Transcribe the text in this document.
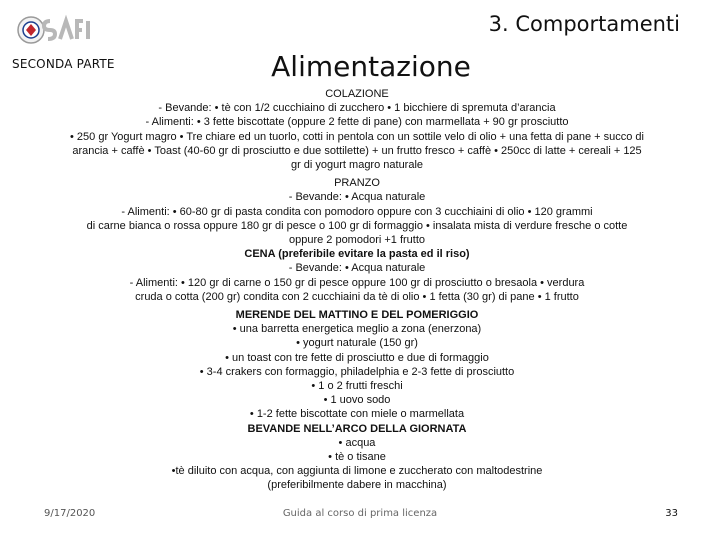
3. Comportamenti
SECONDA PARTE	Alimentazione

COLAZIONE

- Bevande: • tè con 1/2 cucchiaino di zucchero • 1 bicchiere di spremuta d’arancia

- Alimenti: • 3 fette biscottate (oppure 2 fette di pane) con marmellata + 90 gr prosciutto

• 250 gr Yogurt magro • Tre chiare ed un tuorlo, cotti in pentola con un sottile velo di olio + una fetta di pane + succo di arancia + caffè • Toast (40-60 gr di prosciutto e due sottilette) + un frutto fresco + caffè • 250cc di latte + cereali + 125 gr di yogurt magro naturale

PRANZO

- Bevande: • Acqua naturale

- Alimenti: • 60-80 gr di pasta condita con pomodoro oppure con 3 cucchiaini di olio • 120 grammi

di carne bianca o rossa oppure 180 gr di pesce o 100 gr di formaggio • insalata mista di verdure fresche o cotte oppure 2 pomodori +1 frutto

CENA (preferibile evitare la pasta ed il riso)

- Bevande: • Acqua naturale

- Alimenti: • 120 gr di carne o 150 gr di pesce oppure 100 gr di prosciutto o bresaola • verdura

cruda o cotta (200 gr) condita con 2 cucchiaini da tè di olio • 1 fetta (30 gr) di pane • 1 frutto

MERENDE DEL MATTINO E DEL POMERIGGIO

• una barretta energetica meglio a zona (enerzona)

• yogurt naturale (150 gr)

• un toast con tre fette di prosciutto e due di formaggio

• 3-4 crakers con formaggio, philadelphia e 2-3 fette di prosciutto

• 1 o 2 frutti freschi

• 1 uovo sodo

• 1-2 fette biscottate con miele o marmellata

BEVANDE NELL’ARCO DELLA GIORNATA

• acqua

• tè o tisane

•tè diluito con acqua, con aggiunta di limone e zuccherato con maltodestrine

(preferibilmente dabere in macchina)

9/17/2020	Guida al corso di prima licenza	33
